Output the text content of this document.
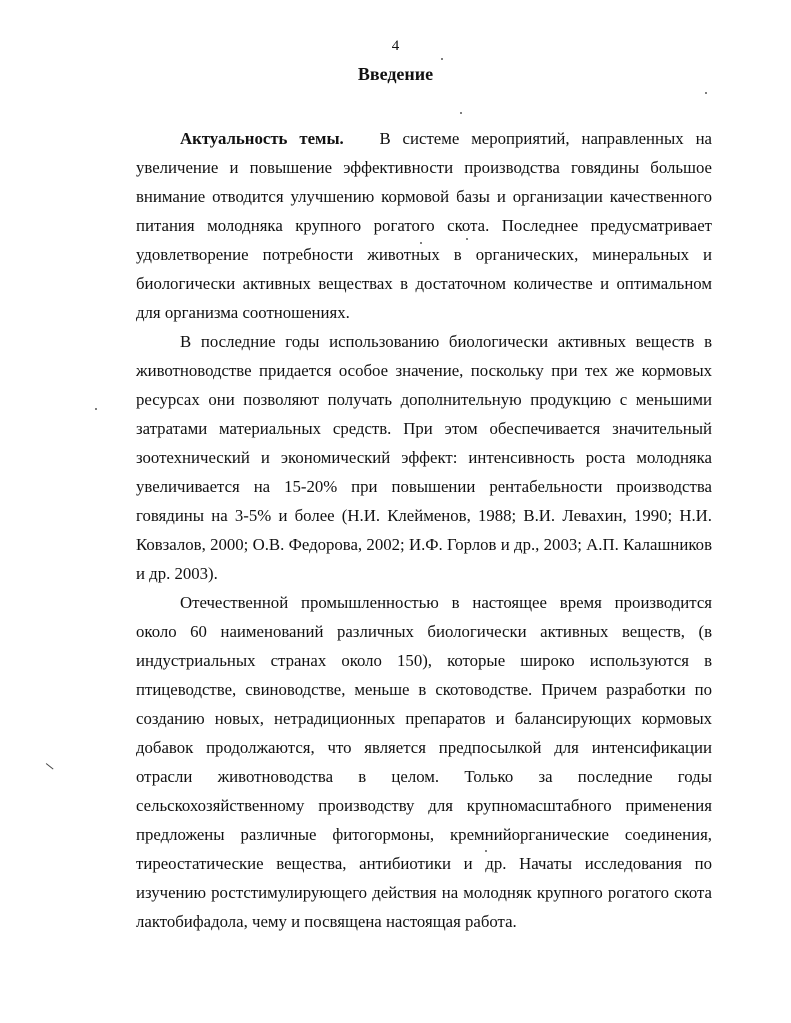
4
Введение

Актуальность темы. В системе мероприятий, направленных на увеличение и повышение эффективности производства говядины большое внимание отводится улучшению кормовой базы и организации качественного питания молодняка крупного рогатого скота. Последнее предусматривает удовлетворение потребности животных в органических, минеральных и биологически активных веществах в достаточном количестве и оптимальном для организма соотношениях.

В последние годы использованию биологически активных веществ в животноводстве придается особое значение, поскольку при тех же кормовых ресурсах они позволяют получать дополнительную продукцию с меньшими затратами материальных средств. При этом обеспечивается значительный зоотехнический и экономический эффект: интенсивность роста молодняка увеличивается на 15-20% при повышении рентабельности производства говядины на 3-5% и более (Н.И. Клейменов, 1988; В.И. Левахин, 1990; Н.И. Ковзалов, 2000; О.В. Федорова, 2002; И.Ф. Горлов и др., 2003; А.П. Калашников и др. 2003).

Отечественной промышленностью в настоящее время производится около 60 наименований различных биологически активных веществ, (в индустриальных странах около 150), которые широко используются в птицеводстве, свиноводстве, меньше в скотоводстве. Причем разработки по созданию новых, нетрадиционных препаратов и балансирующих кормовых добавок продолжаются, что является предпосылкой для интенсификации отрасли животноводства в целом. Только за последние годы сельскохозяйственному производству для крупномасштабного применения предложены различные фитогормоны, кремнийорганические соединения, тиреостатические вещества, антибиотики и др. Начаты исследования по изучению ростстимулирующего действия на молодняк крупного рогатого скота лактобифадола, чему и посвящена настоящая работа.
